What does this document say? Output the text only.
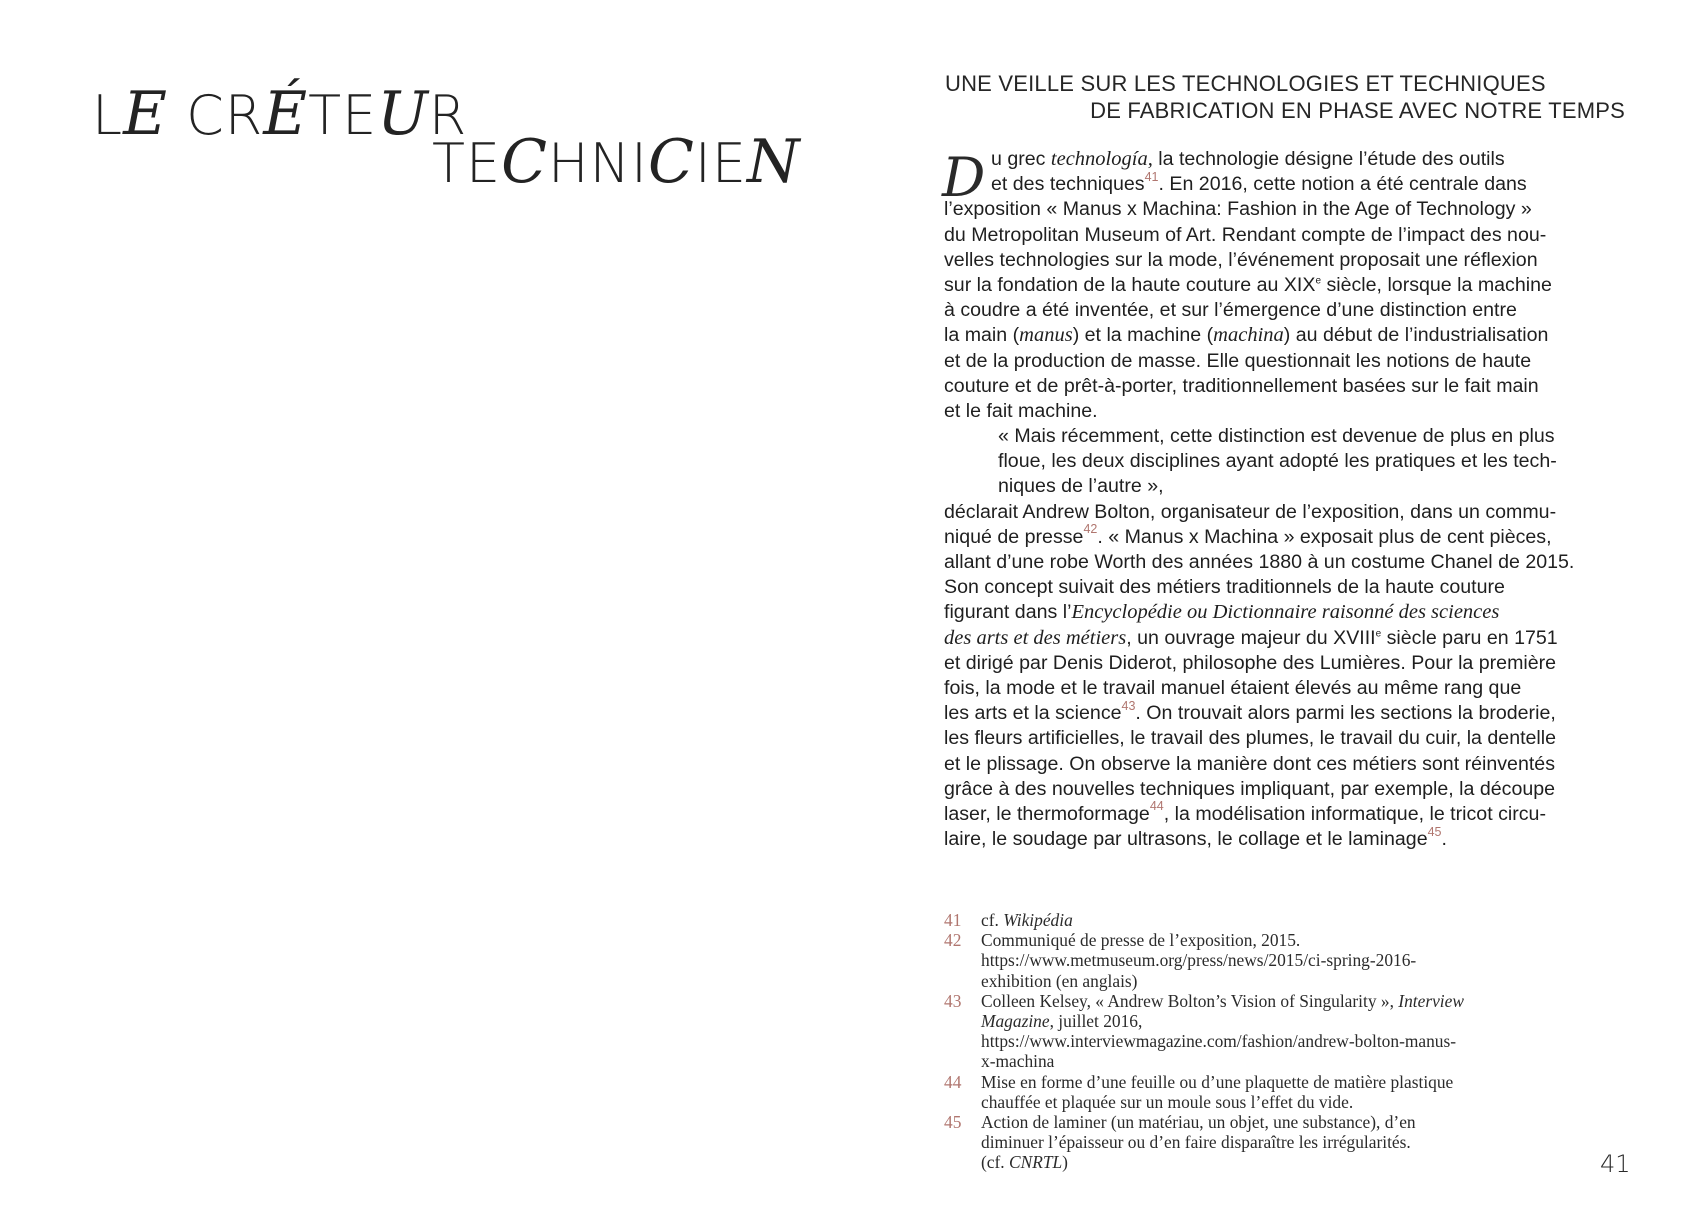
LE CRÉTEUR
TECHNICIEN
UNE VEILLE SUR LES TECHNOLOGIES ET TECHNIQUES
DE FABRICATION EN PHASE AVEC NOTRE TEMPS
D u grec technología, la technologie désigne l’étude des outils
et des techniques$^{41}$. En 2016, cette notion a été centrale dans
l’exposition « Manus x Machina: Fashion in the Age of Technology »
du Metropolitan Museum of Art. Rendant compte de l’impact des nou-
velles technologies sur la mode, l’événement proposait une réflexion
sur la fondation de la haute couture au XIXe siècle, lorsque la machine
à coudre a été inventée, et sur l’émergence d’une distinction entre
la main (manus) et la machine (machina) au début de l’industrialisation
et de la production de masse. Elle questionnait les notions de haute
couture et de prêt-à-porter, traditionnellement basées sur le fait main
et le fait machine.
« Mais récemment, cette distinction est devenue de plus en plus
floue, les deux disciplines ayant adopté les pratiques et les tech-
niques de l’autre »,
déclarait Andrew Bolton, organisateur de l’exposition, dans un commu-
niqué de presse$^{42}$. « Manus x Machina » exposait plus de cent pièces,
allant d’une robe Worth des années 1880 à un costume Chanel de 2015.
Son concept suivait des métiers traditionnels de la haute couture
figurant dans l’Encyclopédie ou Dictionnaire raisonné des sciences
des arts et des métiers, un ouvrage majeur du XVIIIe siècle paru en 1751
et dirigé par Denis Diderot, philosophe des Lumières. Pour la première
fois, la mode et le travail manuel étaient élevés au même rang que
les arts et la science$^{43}$. On trouvait alors parmi les sections la broderie,
les fleurs artificielles, le travail des plumes, le travail du cuir, la dentelle
et le plissage. On observe la manière dont ces métiers sont réinventés
grâce à des nouvelles techniques impliquant, par exemple, la découpe
laser, le thermoformage$^{44}$, la modélisation informatique, le tricot circu-
laire, le soudage par ultrasons, le collage et le laminage$^{45}$.
41 cf. Wikipédia
42 Communiqué de presse de l’exposition, 2015.
https://www.metmuseum.org/press/news/2015/ci-spring-2016-
exhibition (en anglais)
43 Colleen Kelsey, « Andrew Bolton’s Vision of Singularity », Interview
Magazine, juillet 2016,
https://www.interviewmagazine.com/fashion/andrew-bolton-manus-
x-machina
44 Mise en forme d’une feuille ou d’une plaquette de matière plastique
chauffée et plaquée sur un moule sous l’effet du vide.
45 Action de laminer (un matériau, un objet, une substance), d’en
diminuer l’épaisseur ou d’en faire disparaître les irrégularités.
(cf. CNRTL)	41
